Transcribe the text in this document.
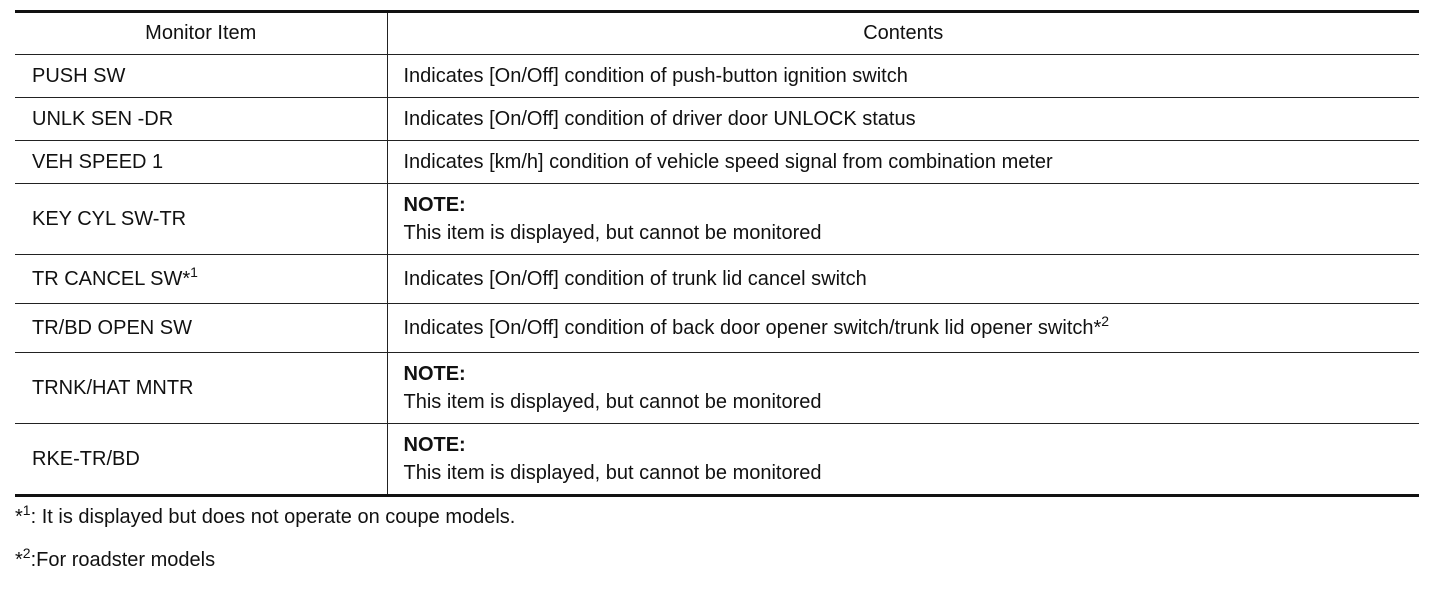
Monitor Item	Contents
PUSH SW	Indicates [On/Off] condition of push-button ignition switch
UNLK SEN -DR	Indicates [On/Off] condition of driver door UNLOCK status
VEH SPEED 1	Indicates [km/h] condition of vehicle speed signal from combination meter
KEY CYL SW-TR	NOTE:
This item is displayed, but cannot be monitored

TR CANCEL SW*$^1$	Indicates [On/Off] condition of trunk lid cancel switch
TR/BD OPEN SW	Indicates [On/Off] condition of back door opener switch/trunk lid opener switch*$^2$
TRNK/HAT MNTR	NOTE:
This item is displayed, but cannot be monitored

RKE-TR/BD	NOTE:
This item is displayed, but cannot be monitored
*$^1$: It is displayed but does not operate on coupe models.
*$^2$:For roadster models
